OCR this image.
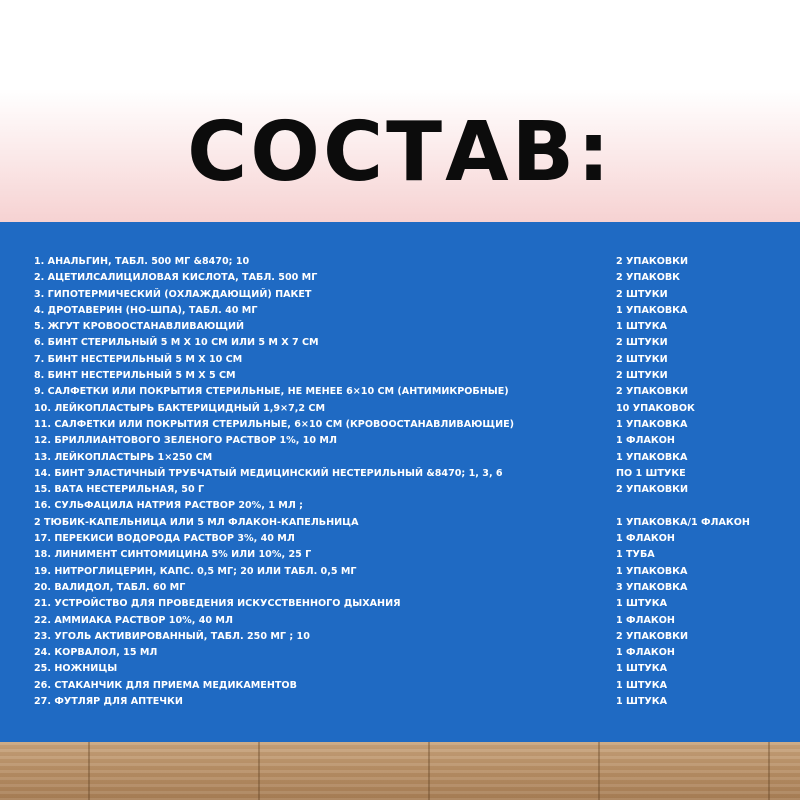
СОСТАВ:
1. АНАЛЬГИН, ТАБЛ. 500 МГ &8470; 10	2 УПАКОВКИ
2. АЦЕТИЛСАЛИЦИЛОВАЯ КИСЛОТА, ТАБЛ. 500 МГ	2 УПАКОВК
3. ГИПОТЕРМИЧЕСКИЙ (ОХЛАЖДАЮЩИЙ) ПАКЕТ	2 ШТУКИ
4. ДРОТАВЕРИН (НО-ШПА), ТАБЛ. 40 МГ	1 УПАКОВКА
5. ЖГУТ КРОВООСТАНАВЛИВАЮЩИЙ	1 ШТУКА
6. БИНТ СТЕРИЛЬНЫЙ 5 М Х 10 СМ ИЛИ 5 М Х 7 СМ	2 ШТУКИ
7. БИНТ НЕСТЕРИЛЬНЫЙ 5 М Х 10 СМ	2 ШТУКИ
8. БИНТ НЕСТЕРИЛЬНЫЙ 5 М Х 5 СМ	2 ШТУКИ
9. САЛФЕТКИ ИЛИ ПОКРЫТИЯ СТЕРИЛЬНЫЕ, НЕ МЕНЕЕ 6×10 СМ (АНТИМИКРОБНЫЕ)	2 УПАКОВКИ
10. ЛЕЙКОПЛАСТЫРЬ БАКТЕРИЦИДНЫЙ 1,9×7,2 СМ	10 УПАКОВОК
11. САЛФЕТКИ ИЛИ ПОКРЫТИЯ СТЕРИЛЬНЫЕ, 6×10 СМ (КРОВООСТАНАВЛИВАЮЩИЕ)	1 УПАКОВКА
12. БРИЛЛИАНТОВОГО ЗЕЛЕНОГО РАСТВОР 1%, 10 МЛ	1 ФЛАКОН
13. ЛЕЙКОПЛАСТЫРЬ 1×250 СМ	1 УПАКОВКА
14. БИНТ ЭЛАСТИЧНЫЙ ТРУБЧАТЫЙ МЕДИЦИНСКИЙ НЕСТЕРИЛЬНЫЙ &8470; 1, 3, 6	ПО 1 ШТУКЕ
15. ВАТА НЕСТЕРИЛЬНАЯ, 50 Г	2 УПАКОВКИ
16. СУЛЬФАЦИЛА НАТРИЯ РАСТВОР 20%, 1 МЛ ;
2 ТЮБИК-КАПЕЛЬНИЦА ИЛИ 5 МЛ ФЛАКОН-КАПЕЛЬНИЦА	1 УПАКОВКА/1 ФЛАКОН
17. ПЕРЕКИСИ ВОДОРОДА РАСТВОР 3%, 40 МЛ	1 ФЛАКОН
18. ЛИНИМЕНТ СИНТОМИЦИНА 5% ИЛИ 10%, 25 Г	1 ТУБА
19. НИТРОГЛИЦЕРИН, КАПС. 0,5 МГ; 20 ИЛИ ТАБЛ. 0,5 МГ	1 УПАКОВКА
20. ВАЛИДОЛ, ТАБЛ. 60 МГ	3 УПАКОВКА
21. УСТРОЙСТВО ДЛЯ ПРОВЕДЕНИЯ ИСКУССТВЕННОГО ДЫХАНИЯ	1 ШТУКА
22. АММИАКА РАСТВОР 10%, 40 МЛ	1 ФЛАКОН
23. УГОЛЬ АКТИВИРОВАННЫЙ, ТАБЛ. 250 МГ ; 10	2 УПАКОВКИ
24. КОРВАЛОЛ, 15 МЛ	1 ФЛАКОН
25. НОЖНИЦЫ	1 ШТУКА
26. СТАКАНЧИК ДЛЯ ПРИЕМА МЕДИКАМЕНТОВ	1 ШТУКА
27. ФУТЛЯР ДЛЯ АПТЕЧКИ	1 ШТУКА
